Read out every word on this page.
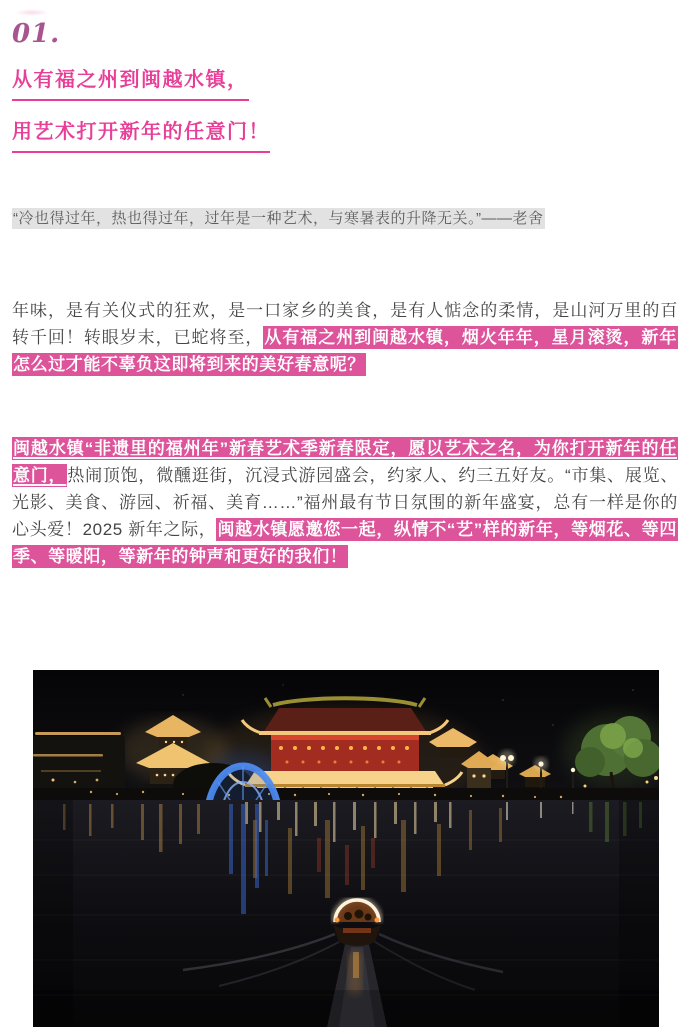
01.
从有福之州到闽越水镇，
用艺术打开新年的任意门！

“冷也得过年，热也得过年，过年是一种艺术，与寒暑表的升降无关。”——老舍

年味，是有关仪式的狂欢，是一口家乡的美食，是有人惦念的柔情，是山河万里的百转千回！转眼岁末，已蛇将至，从有福之州到闽越水镇，烟火年年，星月滚烫，新年怎么过才能不辜负这即将到来的美好春意呢？

闽越水镇“非遗里的福州年”新春艺术季新春限定，愿以艺术之名，为你打开新年的任意门，热闹顶饱，微醺逛街，沉浸式游园盛会，约家人、约三五好友。“市集、展览、光影、美食、游园、祈福、美育……”福州最有节日氛围的新年盛宴，总有一样是你的心头爱！2025 新年之际，闽越水镇愿邀您一起，纵情不“艺”样的新年，等烟花、等四季、等暖阳，等新年的钟声和更好的我们！
